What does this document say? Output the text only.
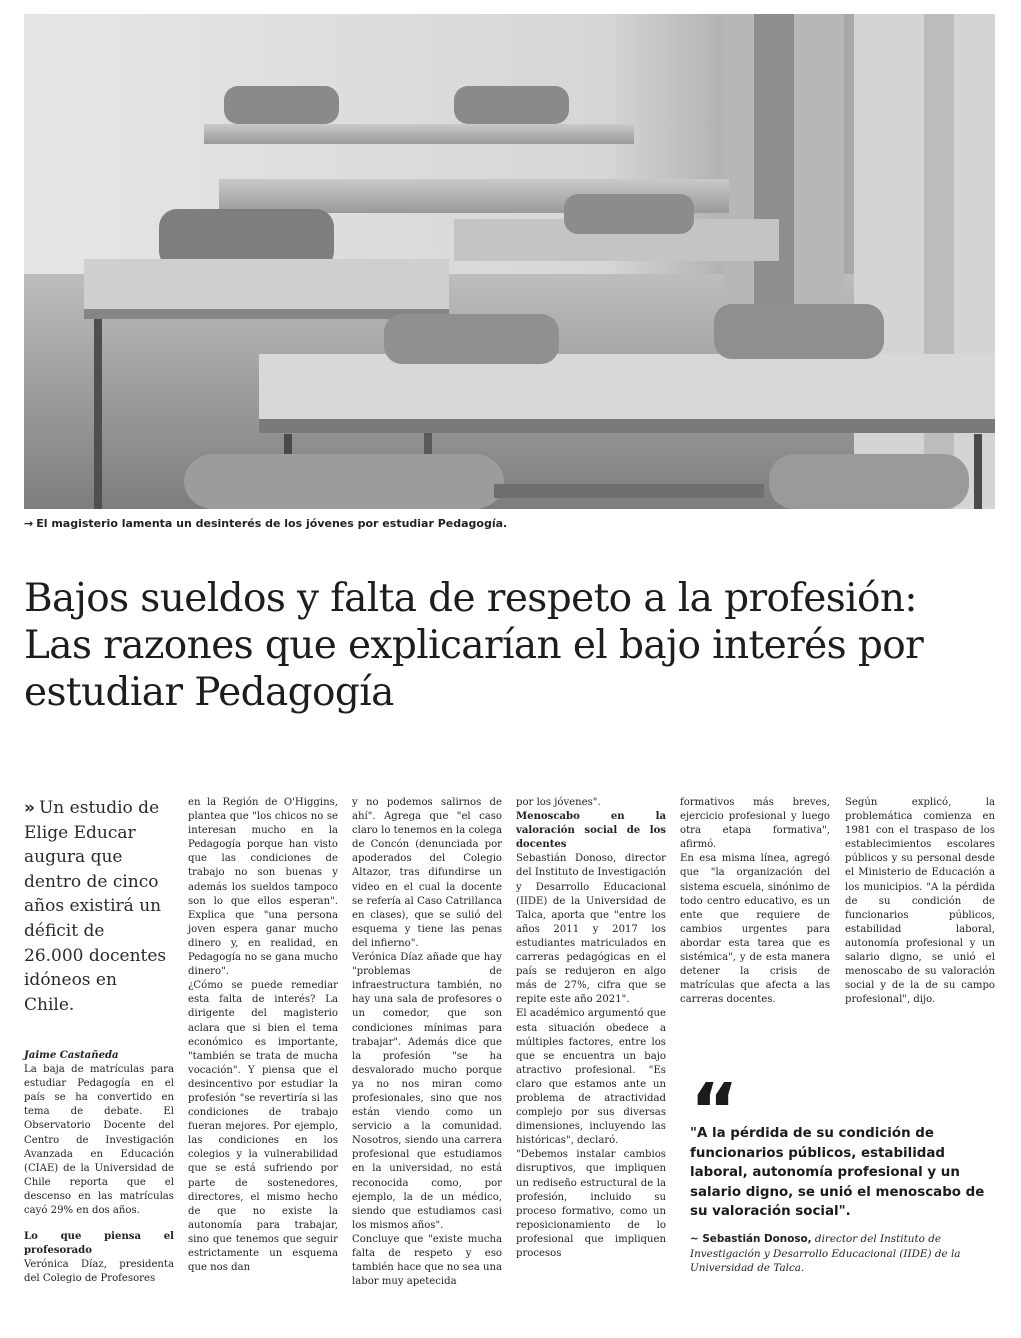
→ El magisterio lamenta un desinterés de los jóvenes por estudiar Pedagogía.
Bajos sueldos y falta de respeto a la profesión:
Las razones que explicarían el bajo interés por
estudiar Pedagogía
» Un estudio de Elige Educar augura que dentro de cinco años existirá un déficit de 26.000 docentes idóneos en Chile.

Jaime Castañeda

La baja de matrículas para estudiar Pedagogía en el país se ha convertido en tema de debate. El Observatorio Docente del Centro de Investigación Avanzada en Educación (CIAE) de la Universidad de Chile reporta que el descenso en las matrículas cayó 29% en dos años.

Lo que piensa el profesorado

Verónica Díaz, presidenta del Colegio de Profesores

en la Región de O'Higgins, plantea que "los chicos no se interesan mucho en la Pedagogía porque han visto que las condiciones de trabajo no son buenas y además los sueldos tampoco son lo que ellos esperan". Explica que "una persona joven espera ganar mucho dinero y, en realidad, en Pedagogía no se gana mucho dinero".

¿Cómo se puede remediar esta falta de interés? La dirigente del magisterio aclara que si bien el tema económico es importante, "también se trata de mucha vocación". Y piensa que el desincentivo por estudiar la profesión "se revertiría si las condiciones de trabajo fueran mejores. Por ejemplo, las condiciones en los colegios y la vulnerabilidad que se está sufriendo por parte de sostenedores, directores, el mismo hecho de que no existe la autonomía para trabajar, sino que tenemos que seguir estrictamente un esquema que nos dan

y no podemos salirnos de ahí". Agrega que "el caso claro lo tenemos en la colega de Concón (denunciada por apoderados del Colegio Altazor, tras difundirse un video en el cual la docente se refería al Caso Catrillanca en clases), que se sulió del esquema y tiene las penas del infierno".

Verónica Díaz añade que hay "problemas de infraestructura también, no hay una sala de profesores o un comedor, que son condiciones mínimas para trabajar". Además dice que la profesión "se ha desvalorado mucho porque ya no nos miran como profesionales, sino que nos están viendo como un servicio a la comunidad. Nosotros, siendo una carrera profesional que estudiamos en la universidad, no está reconocida como, por ejemplo, la de un médico, siendo que estudiamos casi los mismos años".

Concluye que "existe mucha falta de respeto y eso también hace que no sea una labor muy apetecida

por los jóvenes".

Menoscabo en la valoración social de los docentes

Sebastián Donoso, director del Instituto de Investigación y Desarrollo Educacional (IIDE) de la Universidad de Talca, aporta que "entre los años 2011 y 2017 los estudiantes matriculados en carreras pedagógicas en el país se redujeron en algo más de 27%, cifra que se repite este año 2021".

El académico argumentó que esta situación obedece a múltiples factores, entre los que se encuentra un bajo atractivo profesional. "Es claro que estamos ante un problema de atractividad complejo por sus diversas dimensiones, incluyendo las históricas", declaró.

"Debemos instalar cambios disruptivos, que impliquen un rediseño estructural de la profesión, incluido su proceso formativo, como un reposicionamiento de lo profesional que impliquen procesos

formativos más breves, ejercicio profesional y luego otra etapa formativa", afirmó.

En esa misma línea, agregó que "la organización del sistema escuela, sinónimo de todo centro educativo, es un ente que requiere de cambios urgentes para abordar esta tarea que es sistémica", y de esta manera detener la crisis de matrículas que afecta a las carreras docentes.

Según explicó, la problemática comienza en 1981 con el traspaso de los establecimientos escolares públicos y su personal desde el Ministerio de Educación a los municipios. "A la pérdida de su condición de funcionarios públicos, estabilidad laboral, autonomía profesional y un salario digno, se unió el menoscabo de su valoración social y de la de su campo profesional", dijo.

“
"A la pérdida de su condición de funcionarios públicos, estabilidad laboral, autonomía profesional y un salario digno, se unió el menoscabo de su valoración social".
~ Sebastián Donoso, director del Instituto de Investigación y Desarrollo Educacional (IIDE) de la Universidad de Talca.
